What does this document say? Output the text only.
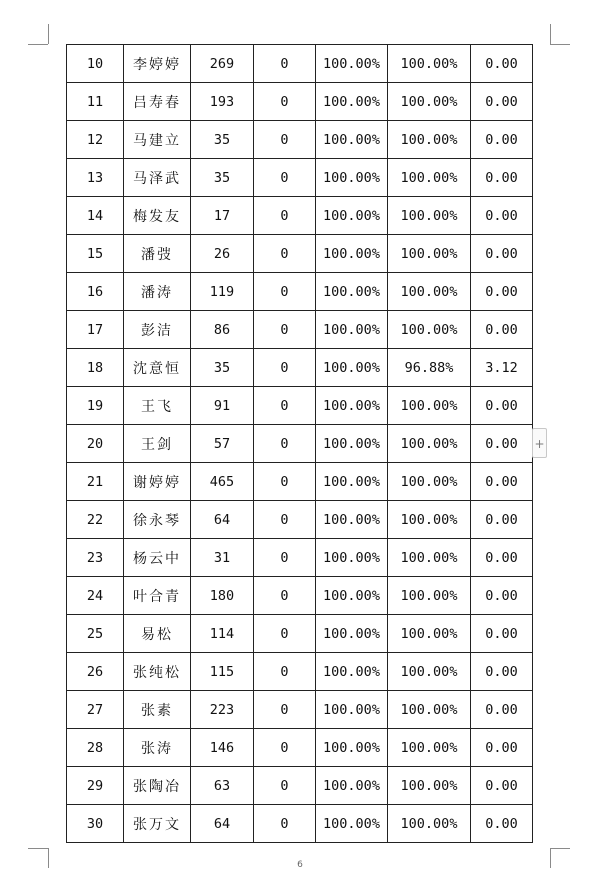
10	李婷婷	269	0	100.00%	100.00%	0.00
11	吕寿春	193	0	100.00%	100.00%	0.00
12	马建立	35	0	100.00%	100.00%	0.00
13	马泽武	35	0	100.00%	100.00%	0.00
14	梅发友	17	0	100.00%	100.00%	0.00
15	潘弢	26	0	100.00%	100.00%	0.00
16	潘涛	119	0	100.00%	100.00%	0.00
17	彭洁	86	0	100.00%	100.00%	0.00
18	沈意恒	35	0	100.00%	96.88%	3.12
19	王飞	91	0	100.00%	100.00%	0.00
20	王剑	57	0	100.00%	100.00%	0.00
21	谢婷婷	465	0	100.00%	100.00%	0.00
22	徐永琴	64	0	100.00%	100.00%	0.00
23	杨云中	31	0	100.00%	100.00%	0.00
24	叶合青	180	0	100.00%	100.00%	0.00
25	易松	114	0	100.00%	100.00%	0.00
26	张纯松	115	0	100.00%	100.00%	0.00
27	张素	223	0	100.00%	100.00%	0.00
28	张涛	146	0	100.00%	100.00%	0.00
29	张陶冶	63	0	100.00%	100.00%	0.00
30	张万文	64	0	100.00%	100.00%	0.00
+
6
